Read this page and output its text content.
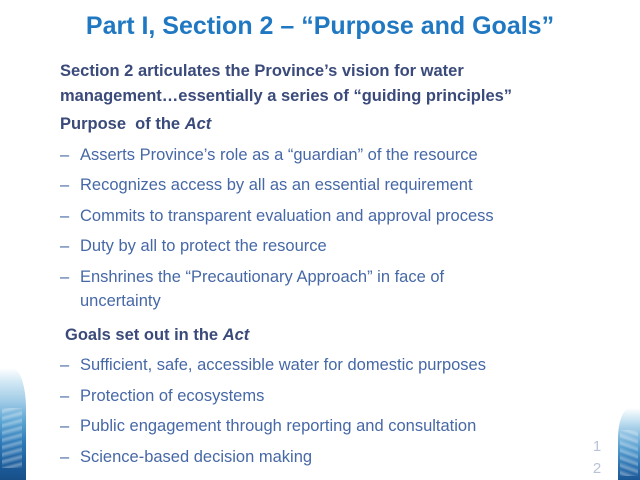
Part I, Section 2 – “Purpose and Goals”
Section 2 articulates the Province’s vision for water
management…essentially a series of “guiding principles”
Purpose  of the Act
– Asserts Province’s role as a “guardian” of the resource
– Recognizes access by all as an essential requirement
– Commits to transparent evaluation and approval process
– Duty by all to protect the resource
– Enshrines the “Precautionary Approach” in face of
uncertainty
Goals set out in the Act
– Sufficient, safe, accessible water for domestic purposes
– Protection of ecosystems
– Public engagement through reporting and consultation
– Science-based decision making
1
2
